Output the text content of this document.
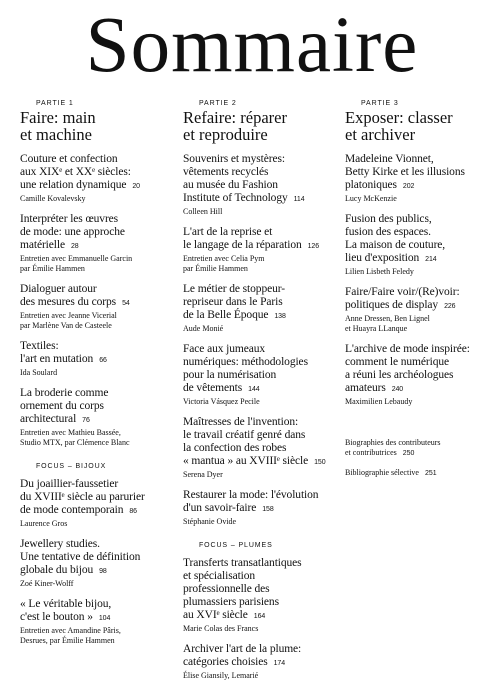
Sommaire
PARTIE 1
Faire: main
et machine
Couture et confection
aux XIXᵉ et XXᵉ siècles:
une relation dynamique 20
Camille Kovalevsky
Interpréter les œuvres
de mode: une approche
matérielle 28
Entretien avec Emmanuelle Garcin
par Émilie Hammen
Dialoguer autour
des mesures du corps 54
Entretien avec Jeanne Vicerial
par Marlène Van de Casteele
Textiles:
l'art en mutation 66
Ida Soulard
La broderie comme
ornement du corps
architectural 76
Entretien avec Mathieu Bassée,
Studio MTX, par Clémence Blanc
FOCUS – BIJOUX
Du joaillier-faussetier
du XVIIIᵉ siècle au parurier
de mode contemporain 86
Laurence Gros
Jewellery studies.
Une tentative de définition
globale du bijou 98
Zoé Kiner-Wolff
« Le véritable bijou,
c'est le bouton » 104
Entretien avec Amandine Pâris,
Desrues, par Émilie Hammen
PARTIE 2
Refaire: réparer
et reproduire
Souvenirs et mystères:
vêtements recyclés
au musée du Fashion
Institute of Technology 114
Colleen Hill
L'art de la reprise et
le langage de la réparation 126
Entretien avec Celia Pym
par Émilie Hammen
Le métier de stoppeur-
repriseur dans le Paris
de la Belle Époque 138
Aude Monié
Face aux jumeaux
numériques: méthodologies
pour la numérisation
de vêtements 144
Victoria Vásquez Pecile
Maîtresses de l'invention:
le travail créatif genré dans
la confection des robes
« mantua » au XVIIIᵉ siècle 150
Serena Dyer
Restaurer la mode: l'évolution
d'un savoir-faire 158
Stéphanie Ovide
FOCUS – PLUMES
Transferts transatlantiques
et spécialisation
professionnelle des
plumassiers parisiens
au XVIᵉ siècle 164
Marie Colas des Francs
Archiver l'art de la plume:
catégories choisies 174
Élise Giansily, Lemarié
PARTIE 3
Exposer: classer
et archiver
Madeleine Vionnet,
Betty Kirke et les illusions
platoniques 202
Lucy McKenzie
Fusion des publics,
fusion des espaces.
La maison de couture,
lieu d'exposition 214
Lilien Lisbeth Feledy
Faire/Faire voir/(Re)voir:
politiques de display 226
Anne Dressen, Ben Lignel
et Huayra LLanque
L'archive de mode inspirée:
comment le numérique
a réuni les archéologues
amateurs 240
Maximilien Lebaudy
Biographies des contributeurs
et contributrices 250
Bibliographie sélective 251
